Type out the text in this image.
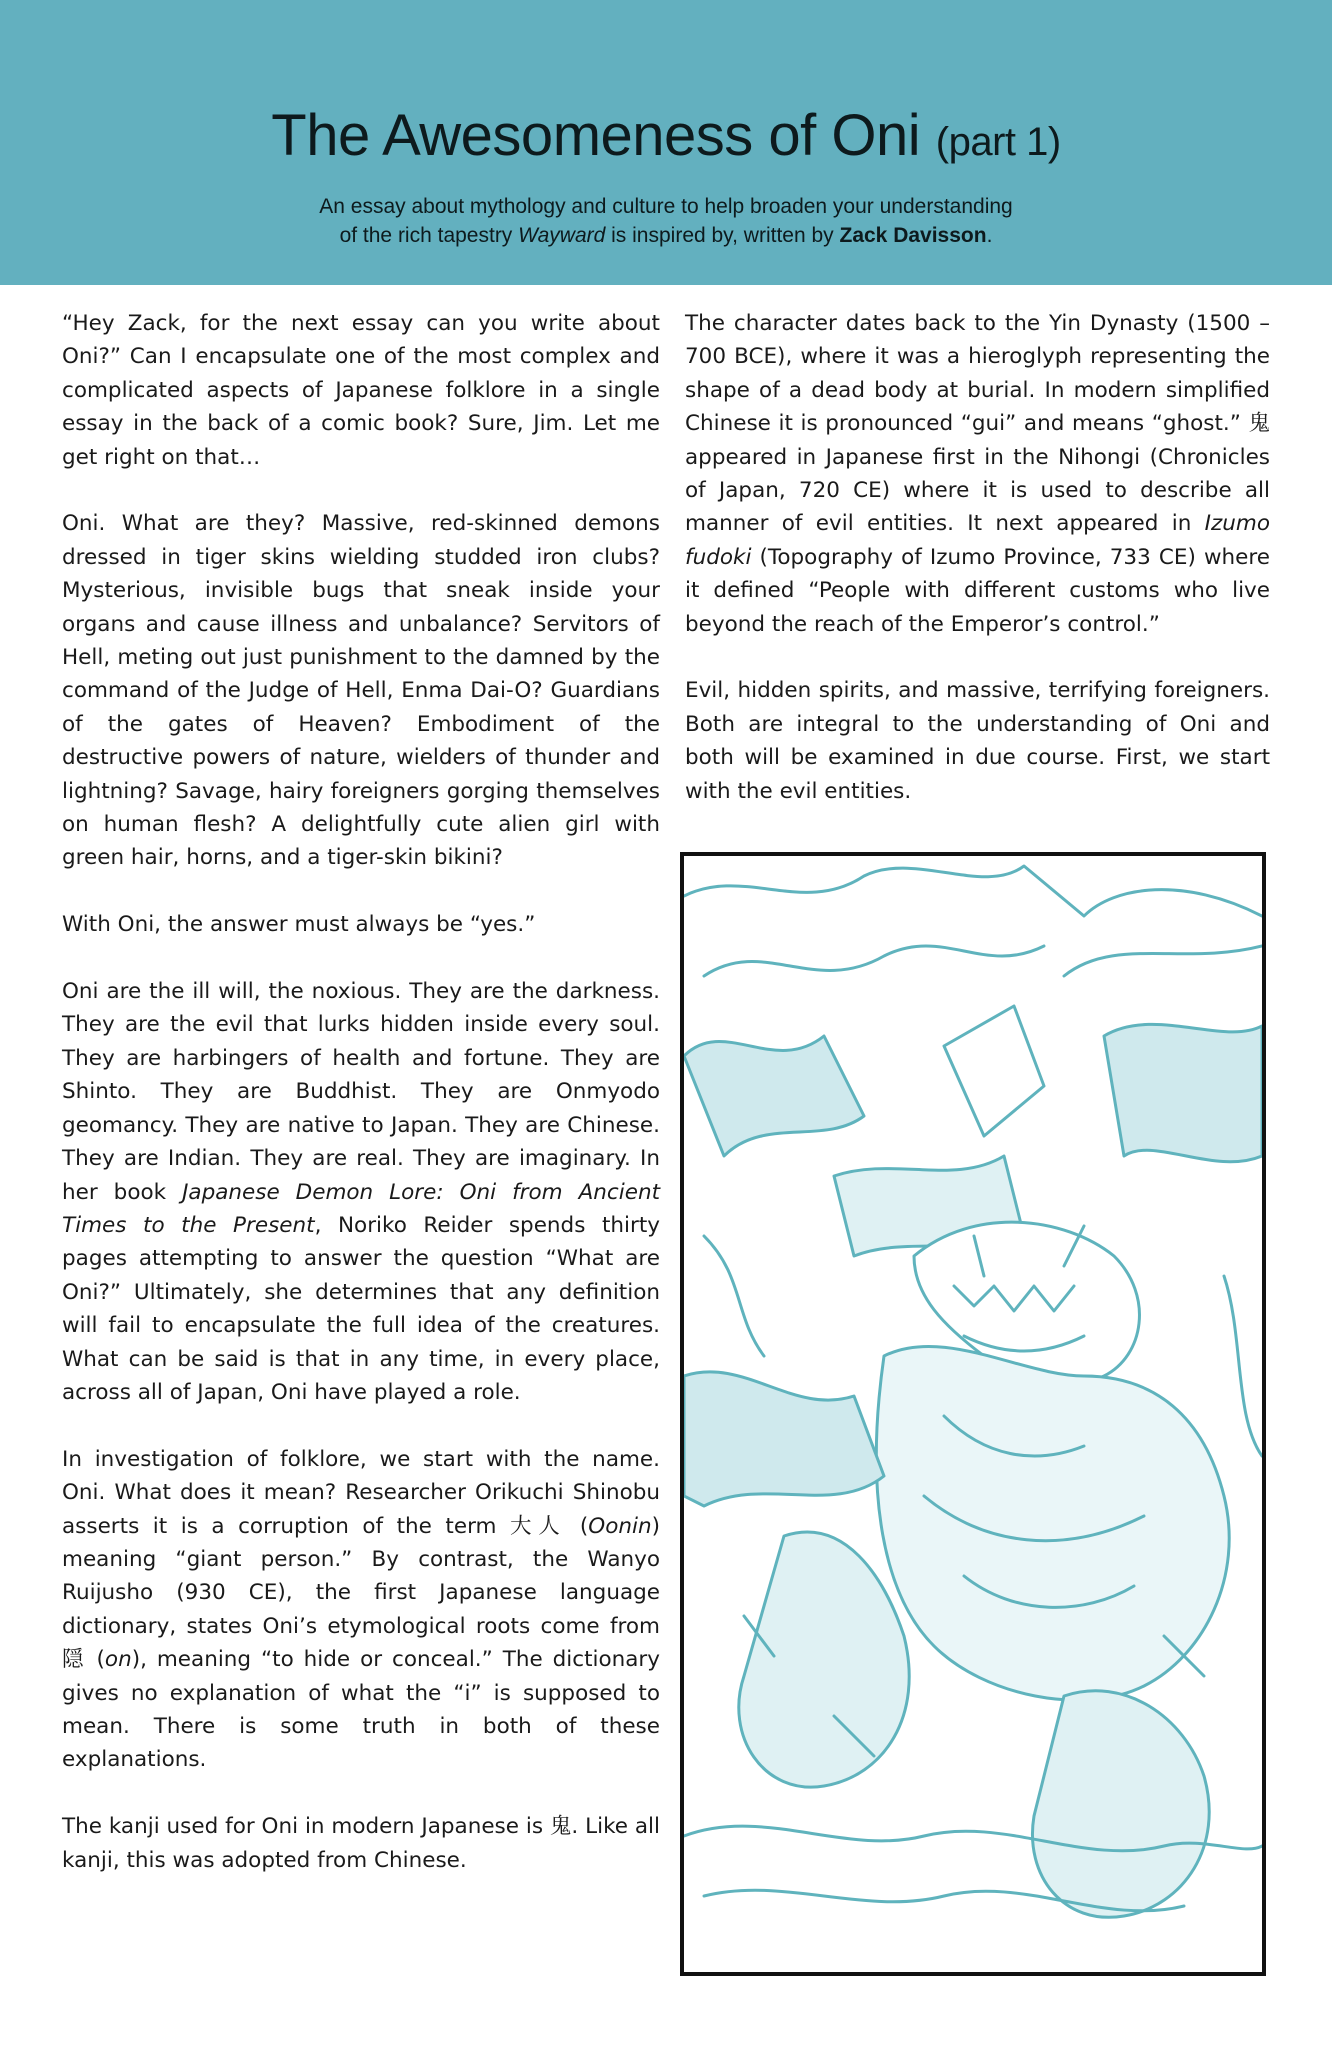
The Awesomeness of Oni (part 1)
An essay about mythology and culture to help broaden your understanding
of the rich tapestry Wayward is inspired by, written by Zack Davisson.

“Hey Zack, for the next essay can you write about Oni?” Can I encapsulate one of the most complex and complicated aspects of Japanese folklore in a single essay in the back of a comic book? Sure, Jim. Let me get right on that…

Oni. What are they? Massive, red-skinned demons dressed in tiger skins wielding studded iron clubs? Mysterious, invisible bugs that sneak inside your organs and cause illness and unbalance? Servitors of Hell, meting out just punishment to the damned by the command of the Judge of Hell, Enma Dai-O? Guardians of the gates of Heaven? Embodiment of the destructive powers of nature, wielders of thunder and lightning? Savage, hairy foreigners gorging themselves on human flesh? A delightfully cute alien girl with green hair, horns, and a tiger-skin bikini?

With Oni, the answer must always be “yes.”

Oni are the ill will, the noxious. They are the darkness. They are the evil that lurks hidden inside every soul. They are harbingers of health and fortune. They are Shinto. They are Buddhist. They are Onmyodo geomancy. They are native to Japan. They are Chinese. They are Indian. They are real. They are imaginary. In her book Japanese Demon Lore: Oni from Ancient Times to the Present, Noriko Reider spends thirty pages attempting to answer the question “What are Oni?” Ultimately, she determines that any definition will fail to encapsulate the full idea of the creatures. What can be said is that in any time, in every place, across all of Japan, Oni have played a role.

In investigation of folklore, we start with the name. Oni. What does it mean? Researcher Orikuchi Shinobu asserts it is a corruption of the term 大人 (Oonin) meaning “giant person.” By contrast, the Wanyo Ruijusho (930 CE), the first Japanese language dictionary, states Oni’s etymological roots come from 隠 (on), meaning “to hide or conceal.” The dictionary gives no explanation of what the “i” is supposed to mean. There is some truth in both of these explanations.

The kanji used for Oni in modern Japanese is 鬼. Like all kanji, this was adopted from Chinese.

The character dates back to the Yin Dynasty (1500 – 700 BCE), where it was a hieroglyph representing the shape of a dead body at burial. In modern simplified Chinese it is pronounced “gui” and means “ghost.” 鬼 appeared in Japanese first in the Nihongi (Chronicles of Japan, 720 CE) where it is used to describe all manner of evil entities. It next appeared in Izumo fudoki (Topography of Izumo Province, 733 CE) where it defined “People with different customs who live beyond the reach of the Emperor’s control.”

Evil, hidden spirits, and massive, terrifying foreigners. Both are integral to the understanding of Oni and both will be examined in due course. First, we start with the evil entities.
